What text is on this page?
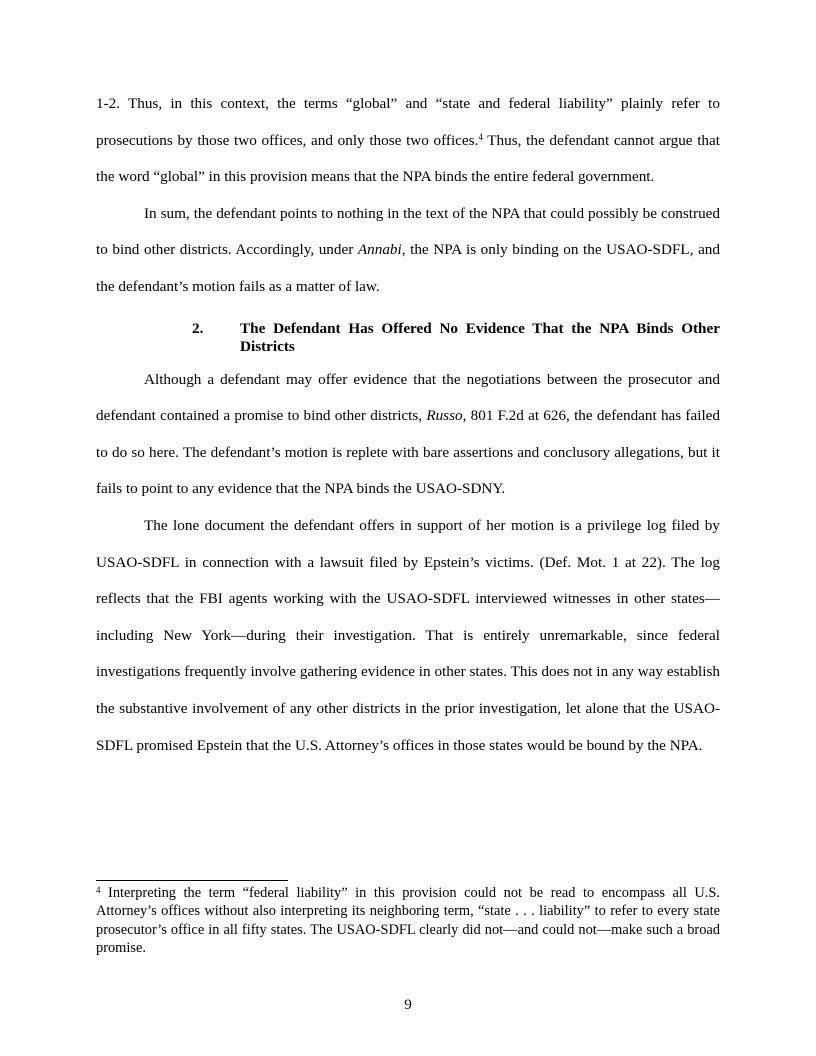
1-2. Thus, in this context, the terms “global” and “state and federal liability” plainly refer to prosecutions by those two offices, and only those two offices.$^4$ Thus, the defendant cannot argue that the word “global” in this provision means that the NPA binds the entire federal government.

In sum, the defendant points to nothing in the text of the NPA that could possibly be construed to bind other districts. Accordingly, under Annabi, the NPA is only binding on the USAO-SDFL, and the defendant’s motion fails as a matter of law.

2.	The Defendant Has Offered No Evidence That the NPA Binds Other Districts

Although a defendant may offer evidence that the negotiations between the prosecutor and defendant contained a promise to bind other districts, Russo, 801 F.2d at 626, the defendant has failed to do so here. The defendant’s motion is replete with bare assertions and conclusory allegations, but it fails to point to any evidence that the NPA binds the USAO-SDNY.

The lone document the defendant offers in support of her motion is a privilege log filed by USAO-SDFL in connection with a lawsuit filed by Epstein’s victims. (Def. Mot. 1 at 22). The log reflects that the FBI agents working with the USAO-SDFL interviewed witnesses in other states—including New York—during their investigation. That is entirely unremarkable, since federal investigations frequently involve gathering evidence in other states. This does not in any way establish the substantive involvement of any other districts in the prior investigation, let alone that the USAO-SDFL promised Epstein that the U.S. Attorney’s offices in those states would be bound by the NPA.

$^4$ Interpreting the term “federal liability” in this provision could not be read to encompass all U.S. Attorney’s offices without also interpreting its neighboring term, “state . . . liability” to refer to every state prosecutor’s office in all fifty states. The USAO-SDFL clearly did not—and could not—make such a broad promise.
9
